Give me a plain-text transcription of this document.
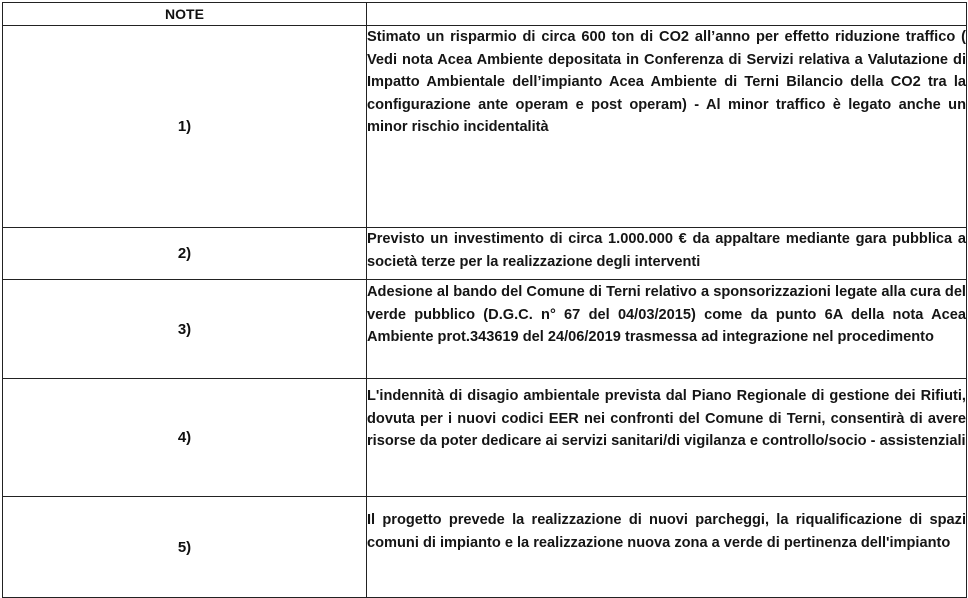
NOTE	
1)	Stimato un risparmio di circa 600 ton di CO2 all’anno per effetto riduzione traffico ( Vedi nota Acea Ambiente depositata in Conferenza di Servizi relativa a Valutazione di Impatto Ambientale dell’impianto Acea Ambiente di Terni Bilancio della CO2 tra la configurazione ante operam e post operam) - Al minor traffico è legato anche un minor rischio incidentalità
2)	Previsto un investimento di circa 1.000.000 € da appaltare mediante gara pubblica a società terze per la realizzazione degli interventi
3)	Adesione al bando del Comune di Terni relativo a sponsorizzazioni legate alla cura del verde pubblico (D.G.C. n° 67 del 04/03/2015) come da punto 6A della nota Acea Ambiente prot.343619 del 24/06/2019 trasmessa ad integrazione nel procedimento
4)	L'indennità di disagio ambientale prevista dal Piano Regionale di gestione dei Rifiuti, dovuta per i nuovi codici EER nei confronti del Comune di Terni, consentirà di avere risorse da poter dedicare ai servizi sanitari/di vigilanza e controllo/socio - assistenziali
5)	Il progetto prevede la realizzazione di nuovi parcheggi, la riqualificazione di spazi comuni di impianto e la realizzazione nuova zona a verde di pertinenza dell'impianto
